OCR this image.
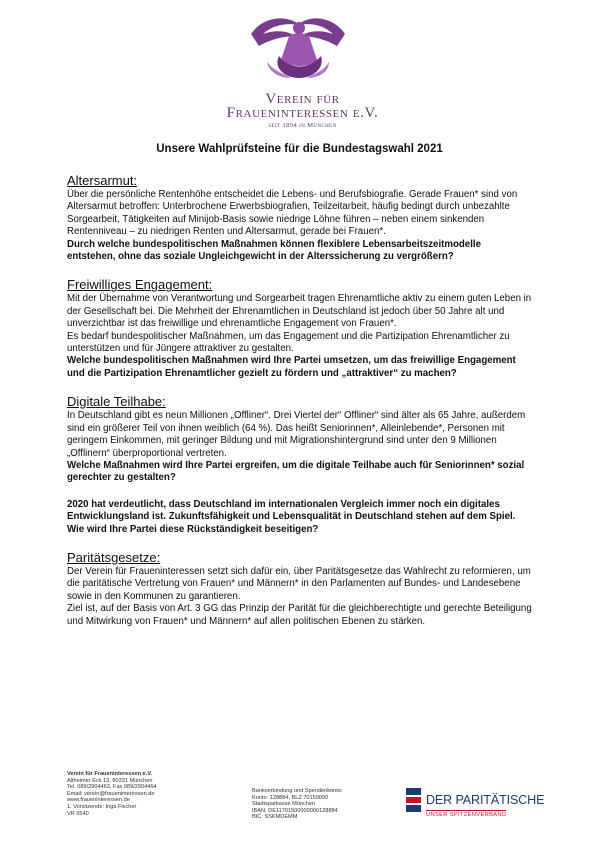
Verein für
Fraueninteressen e.V.
seit 1894 in München
Unsere Wahlprüfsteine für die Bundestagswahl 2021
Altersarmut:

Über die persönliche Rentenhöhe entscheidet die Lebens- und Berufsbiografie. Gerade Frauen* sind von Altersarmut betroffen: Unterbrochene Erwerbsbiografien, Teilzeitarbeit, häufig bedingt durch unbezahlte Sorgearbeit, Tätigkeiten auf Minijob-Basis sowie niedrige Löhne führen – neben einem sinkenden Rentenniveau – zu niedrigen Renten und Altersarmut, gerade bei Frauen*.

Durch welche bundespolitischen Maßnahmen können flexiblere Lebensarbeitszeitmodelle entstehen, ohne das soziale Ungleichgewicht in der Alterssicherung zu vergrößern?

Freiwilliges Engagement:

Mit der Übernahme von Verantwortung und Sorgearbeit tragen Ehrenamtliche aktiv zu einem guten Leben in der Gesellschaft bei. Die Mehrheit der Ehrenamtlichen in Deutschland ist jedoch über 50 Jahre alt und unverzichtbar ist das freiwillige und ehrenamtliche Engagement von Frauen*.

Es bedarf bundespolitischer Maßnahmen, um das Engagement und die Partizipation Ehrenamtlicher zu unterstützen und für Jüngere attraktiver zu gestalten.

Welche bundespolitischen Maßnahmen wird Ihre Partei umsetzen, um das freiwillige Engagement und die Partizipation Ehrenamtlicher gezielt zu fördern und „attraktiver“ zu machen?

Digitale Teilhabe:

In Deutschland gibt es neun Millionen „Offliner“. Drei Viertel der“ Offliner“ sind älter als 65 Jahre, außerdem sind ein größerer Teil von ihnen weiblich (64 %). Das heißt Seniorinnen*, Alleinlebende*, Personen mit geringem Einkommen, mit geringer Bildung und mit Migrationshintergrund sind unter den 9 Millionen „Offlinern“ überproportional vertreten.

Welche Maßnahmen wird Ihre Partei ergreifen, um die digitale Teilhabe auch für Seniorinnen* sozial gerechter zu gestalten?

2020 hat verdeutlicht, dass Deutschland im internationalen Vergleich immer noch ein digitales Entwicklungsland ist. Zukunftsfähigkeit und Lebensqualität in Deutschland stehen auf dem Spiel. Wie wird Ihre Partei diese Rückständigkeit beseitigen?

Paritätsgesetze:

Der Verein für Fraueninteressen setzt sich dafür ein, über Paritätsgesetze das Wahlrecht zu reformieren, um die paritätische Vertretung von Frauen* und Männern* in den Parlamenten auf Bundes- und Landesebene sowie in den Kommunen zu garantieren.

Ziel ist, auf der Basis von Art. 3 GG das Prinzip der Parität für die gleichberechtigte und gerechte Beteiligung und Mitwirkung von Frauen* und Männern* auf allen politischen Ebenen zu stärken.

Verein für Fraueninteressen e.V.
Altheimer Eck 13, 80331 München
Tel. 089/2904463, Fax 089/2904464
Email: verein@fraueninteressen.de
www.fraueninteressen.de
1. Vorsitzende: Inga Fischer
VR 6540
Bankverbindung und Spendenkonto:
Konto: 128884, BLZ 70150000
Stadtsparkasse München
IBAN: DE11701500000000128884
BIC: SSKMDEMM
DER PARITÄTISCHE
UNSER SPITZENVERBAND
